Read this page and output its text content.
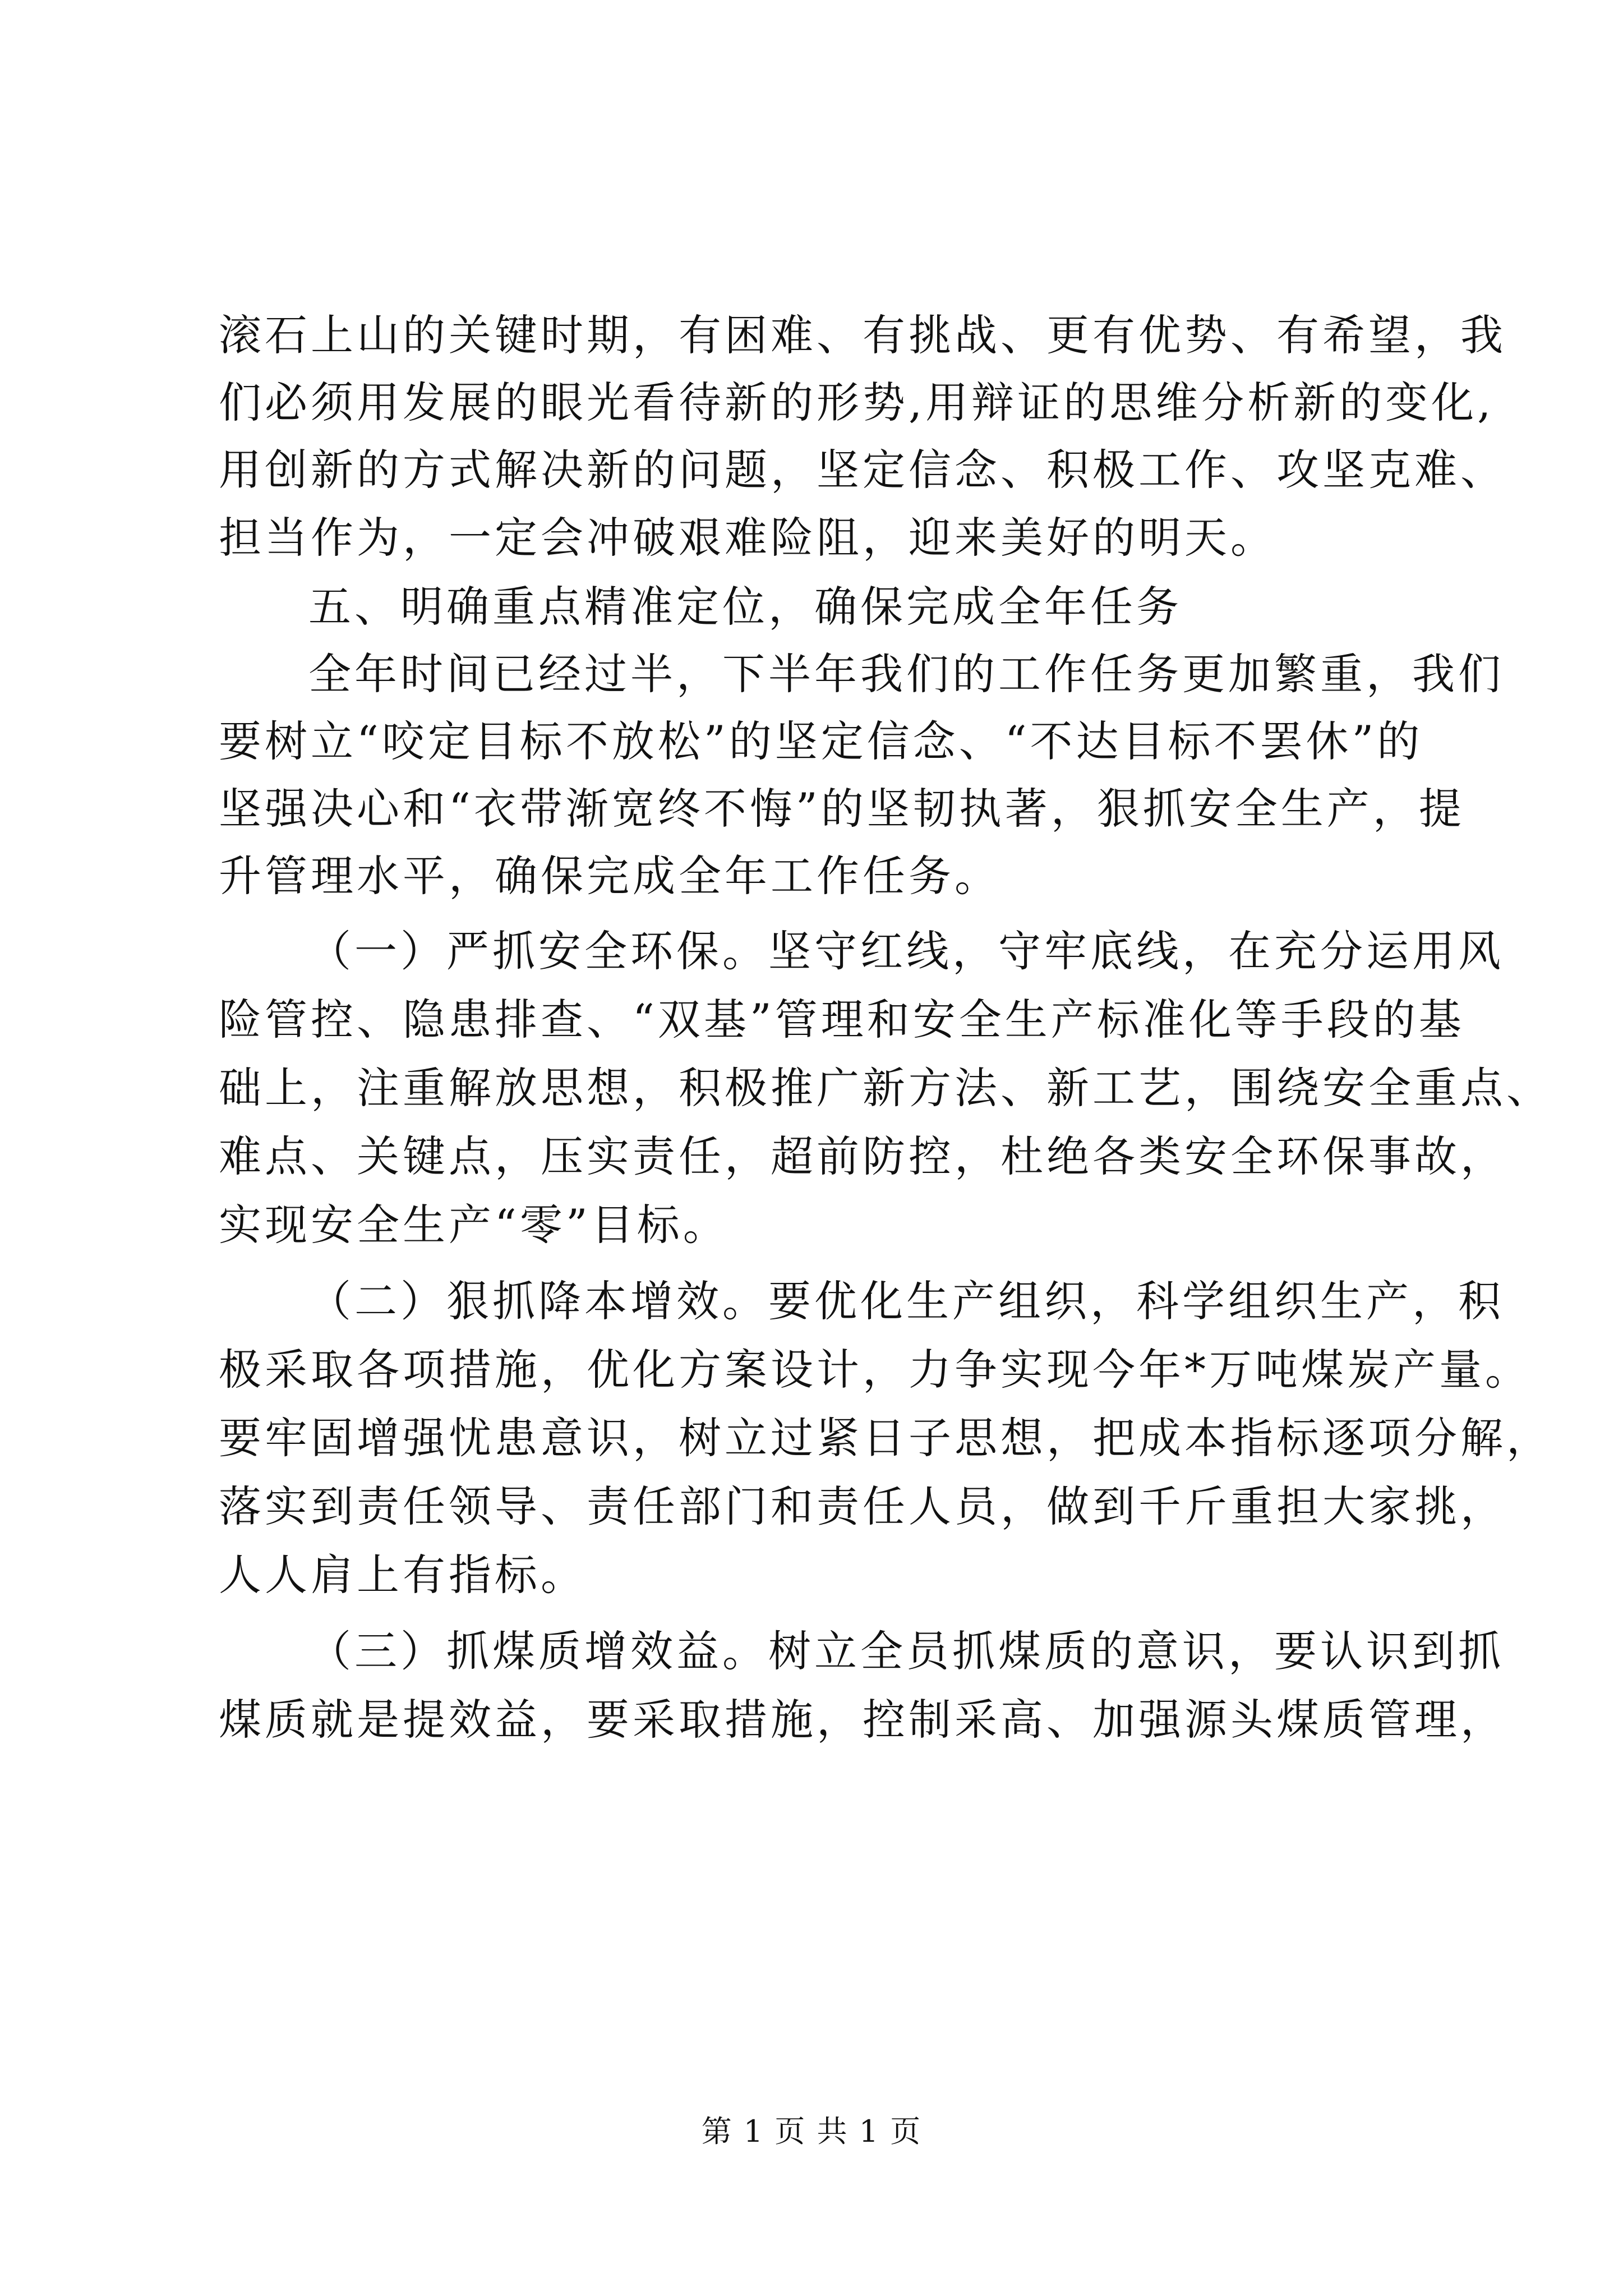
滚石上山的关键时期，有困难、有挑战、更有优势、有希望，我
们必须用发展的眼光看待新的形势,用辩证的思维分析新的变化,
用创新的方式解决新的问题，坚定信念、积极工作、攻坚克难、
担当作为，一定会冲破艰难险阻，迎来美好的明天。
五、明确重点精准定位，确保完成全年任务
全年时间已经过半，下半年我们的工作任务更加繁重，我们
要树立“咬定目标不放松”的坚定信念、“不达目标不罢休”的
坚强决心和“衣带渐宽终不悔”的坚韧执著，狠抓安全生产，提
升管理水平，确保完成全年工作任务。
（一）严抓安全环保。坚守红线，守牢底线，在充分运用风
险管控、隐患排查、“双基”管理和安全生产标准化等手段的基
础上，注重解放思想，积极推广新方法、新工艺，围绕安全重点、
难点、关键点，压实责任，超前防控，杜绝各类安全环保事故，
实现安全生产“零”目标。
（二）狠抓降本增效。要优化生产组织，科学组织生产，积
极采取各项措施，优化方案设计，力争实现今年*万吨煤炭产量。
要牢固增强忧患意识，树立过紧日子思想，把成本指标逐项分解，
落实到责任领导、责任部门和责任人员，做到千斤重担大家挑，
人人肩上有指标。
（三）抓煤质增效益。树立全员抓煤质的意识，要认识到抓
煤质就是提效益，要采取措施，控制采高、加强源头煤质管理，
第 1 页 共 1 页
